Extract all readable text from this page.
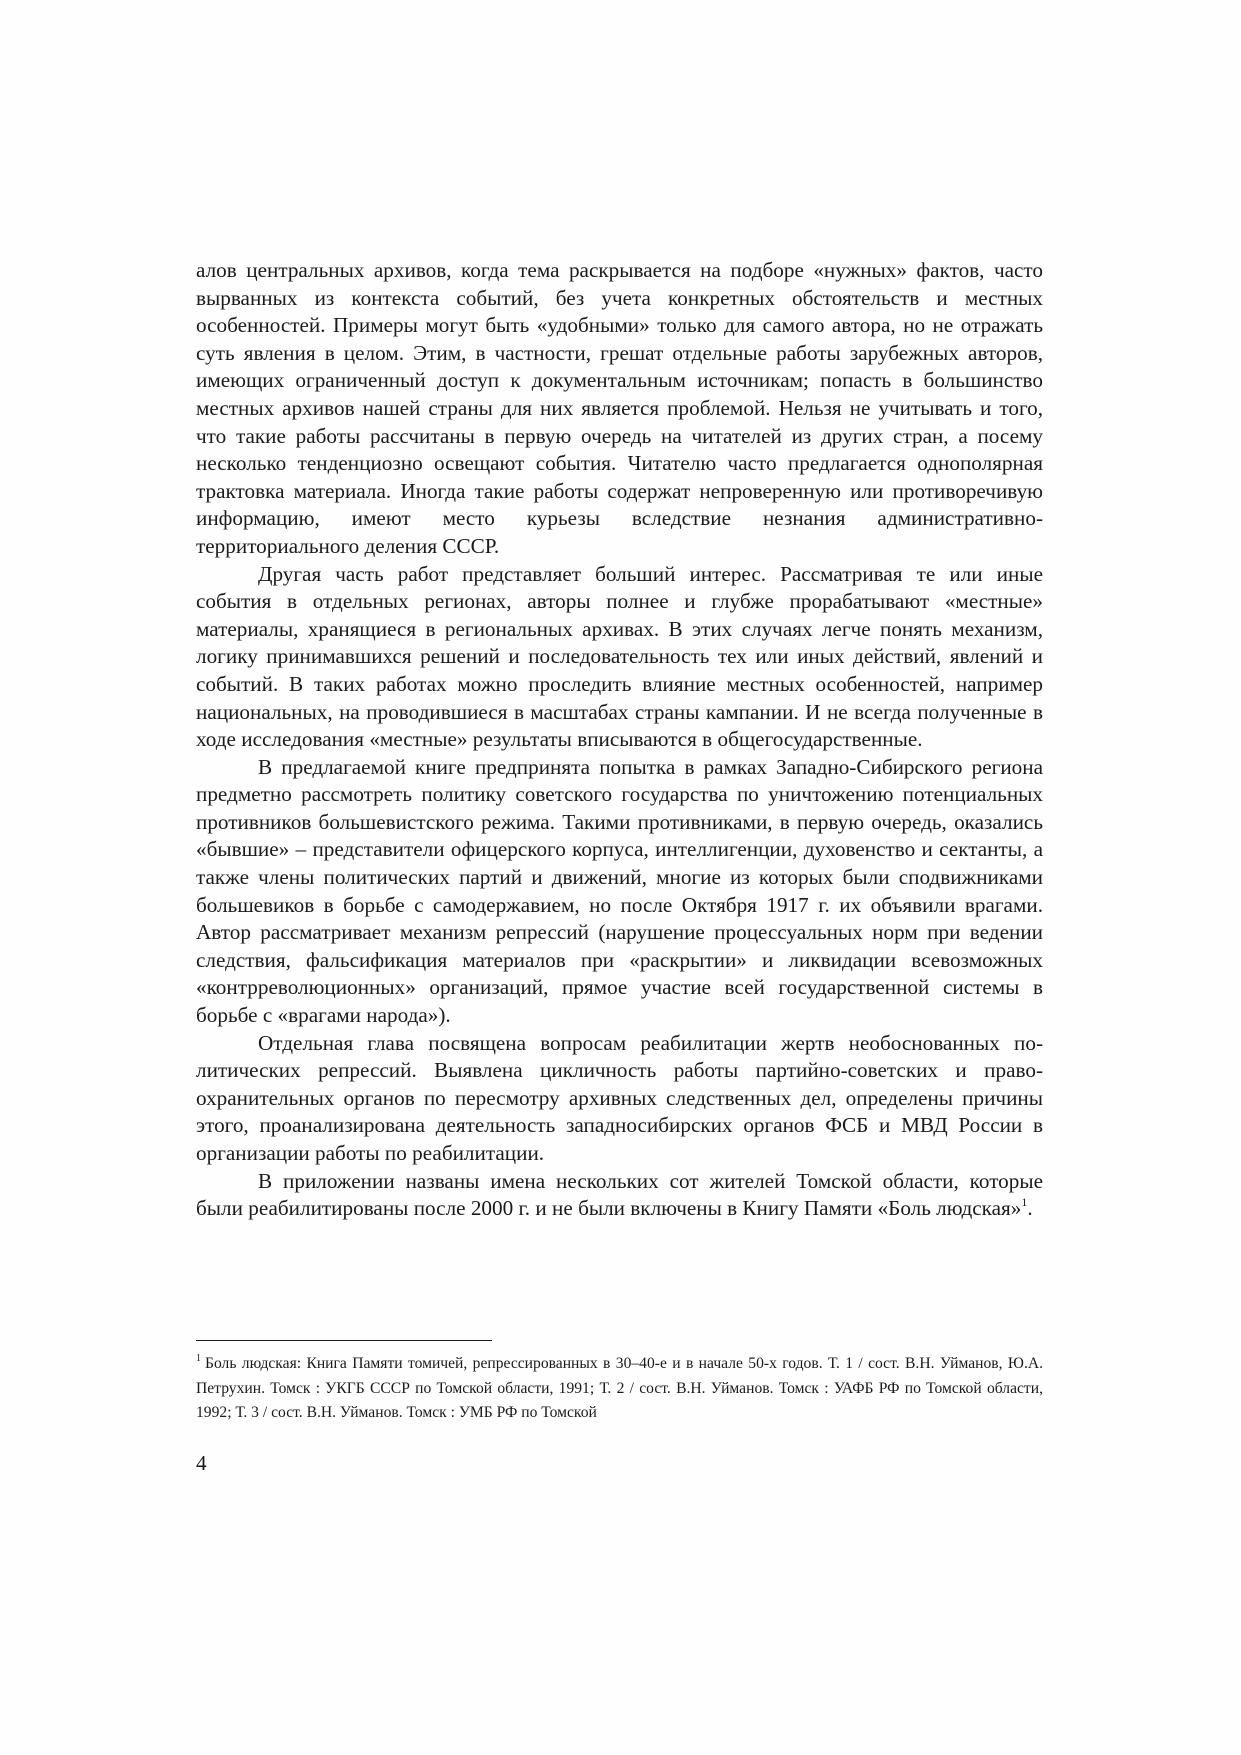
алов центральных архивов, когда тема раскрывается на подборе «нужных» фактов, часто вырванных из контекста событий, без учета конкретных обстоятельств и местных особенностей. Примеры могут быть «удобными» только для самого автора, но не отражать суть явления в целом. Этим, в частности, грешат отдельные работы зарубежных авторов, имеющих ограниченный доступ к документальным источникам; попасть в большинство местных архивов нашей страны для них является проблемой. Нельзя не учитывать и того, что такие работы рассчитаны в первую очередь на читателей из других стран, а посему несколько тенденциозно освещают события. Читателю часто предлагается однополярная трактовка материала. Иногда такие работы содержат непроверенную или противоречивую информацию, имеют место курьезы вследствие незнания административно-территориального деления СССР.

Другая часть работ представляет больший интерес. Рассматривая те или иные события в отдельных регионах, авторы полнее и глубже прорабатывают «местные» материалы, хранящиеся в региональных архивах. В этих случаях легче понять механизм, логику принимавшихся решений и последовательность тех или иных действий, явлений и событий. В таких работах можно проследить влияние местных особенностей, например национальных, на проводившиеся в масштабах страны кампании. И не всегда полученные в ходе исследования «местные» результаты вписываются в общегосударственные.

В предлагаемой книге предпринята попытка в рамках Западно-Сибирского региона предметно рассмотреть политику советского государства по уничтожению потенциальных противников большевистского режима. Такими противниками, в первую очередь, оказались «бывшие» – представители офицерского корпуса, интеллигенции, духовенство и сектанты, а также члены политических партий и движений, многие из которых были сподвижниками большевиков в борьбе с самодержавием, но после Октября 1917 г. их объявили врагами. Автор рассматривает механизм репрессий (нарушение процессуальных норм при ведении следствия, фальсификация материалов при «раскрытии» и ликвидации всевозможных «контрреволюционных» организаций, прямое участие всей государственной системы в борьбе с «врагами народа»).

Отдельная глава посвящена вопросам реабилитации жертв необоснованных политических репрессий. Выявлена цикличность работы партийно-советских и правоохранительных органов по пересмотру архивных следственных дел, определены причины этого, проанализирована деятельность западносибирских органов ФСБ и МВД России в организации работы по реабилитации.

В приложении названы имена нескольких сот жителей Томской области, которые были реабилитированы после 2000 г. и не были включены в Книгу Памяти «Боль людская»$^1$.

$^1$ Боль людская: Книга Памяти томичей, репрессированных в 30–40-е и в начале 50-х годов. Т. 1 / сост. В.Н. Уйманов, Ю.А. Петрухин. Томск : УКГБ СССР по Томской области, 1991; Т. 2 / сост. В.Н. Уйманов. Томск : УАФБ РФ по Томской области, 1992; Т. 3 / сост. В.Н. Уйманов. Томск : УМБ РФ по Томской
4
